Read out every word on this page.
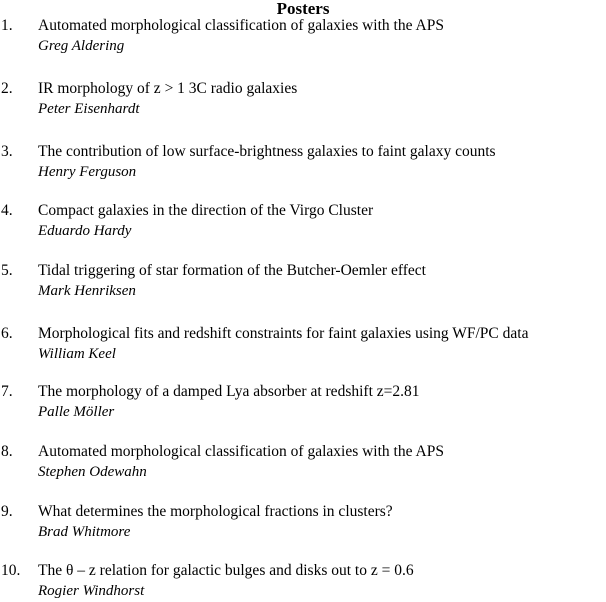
Posters
1. Automated morphological classification of galaxies with the APS
Greg Aldering
2. IR morphology of z > 1 3C radio galaxies
Peter Eisenhardt
3. The contribution of low surface-brightness galaxies to faint galaxy counts
Henry Ferguson
4. Compact galaxies in the direction of the Virgo Cluster
Eduardo Hardy
5. Tidal triggering of star formation of the Butcher-Oemler effect
Mark Henriksen
6. Morphological fits and redshift constraints for faint galaxies using WF/PC data
William Keel
7. The morphology of a damped Lya absorber at redshift z=2.81
Palle Möller
8. Automated morphological classification of galaxies with the APS
Stephen Odewahn
9. What determines the morphological fractions in clusters?
Brad Whitmore
10. The θ – z relation for galactic bulges and disks out to z = 0.6
Rogier Windhorst
